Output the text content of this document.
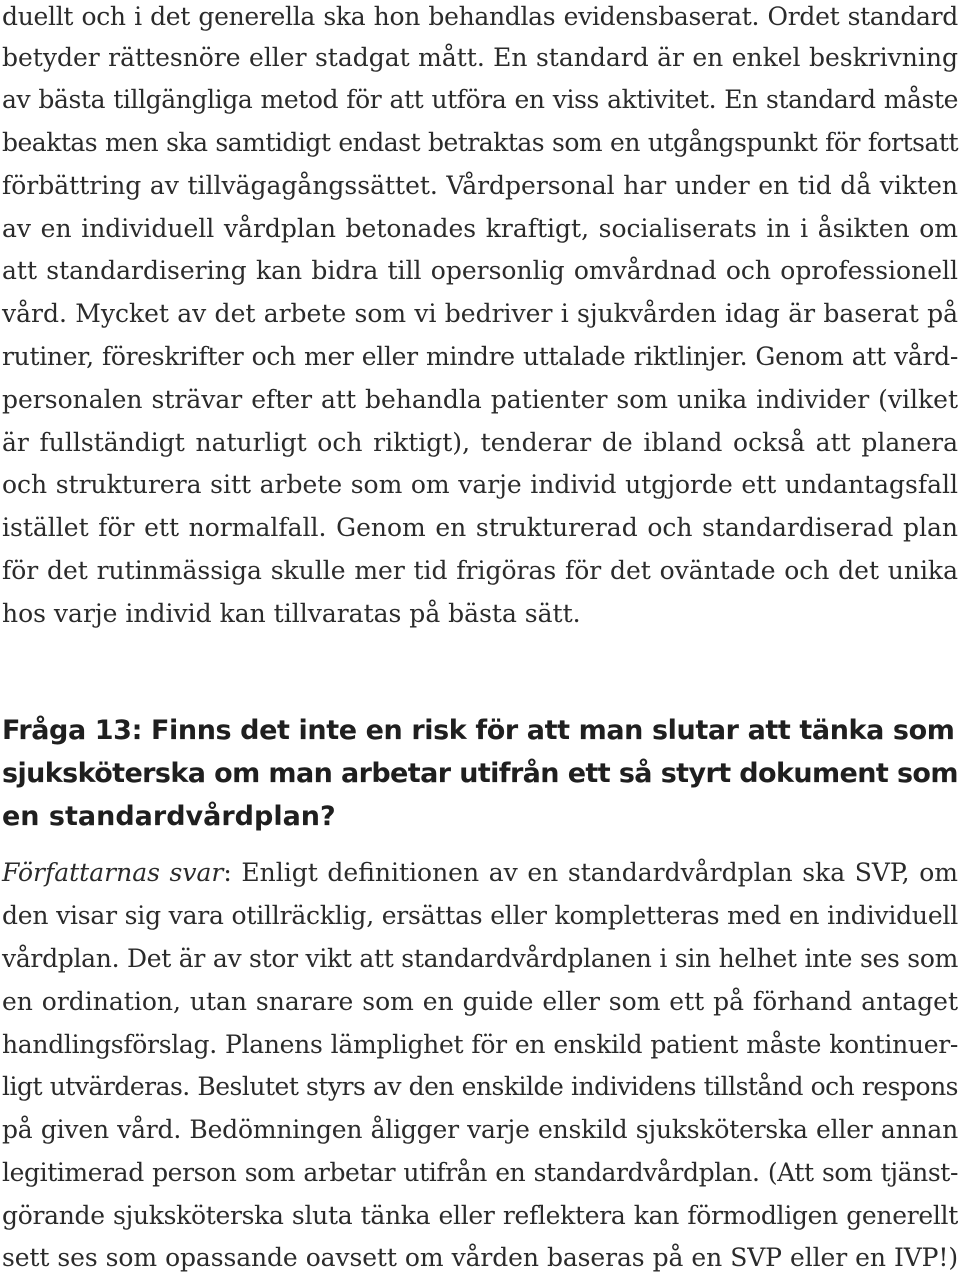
duellt och i det generella ska hon behandlas evidensbaserat. Ordet standard
betyder rättesnöre eller stadgat mått. En standard är en enkel beskrivning
av bästa tillgängliga metod för att utföra en viss aktivitet. En standard måste
beaktas men ska samtidigt endast betraktas som en utgångspunkt för fortsatt
förbättring av tillvägagångssättet. Vårdpersonal har under en tid då vikten
av en individuell vårdplan betonades kraftigt, socialiserats in i åsikten om
att standardisering kan bidra till opersonlig omvårdnad och oprofessionell
vård. Mycket av det arbete som vi bedriver i sjukvården idag är baserat på
rutiner, föreskrifter och mer eller mindre uttalade riktlinjer. Genom att vård-
personalen strävar efter att behandla patienter som unika individer (vilket
är fullständigt naturligt och riktigt), tenderar de ibland också att planera
och strukturera sitt arbete som om varje individ utgjorde ett undantagsfall
istället för ett normalfall. Genom en strukturerad och standardiserad plan
för det rutinmässiga skulle mer tid frigöras för det oväntade och det unika
hos varje individ kan tillvaratas på bästa sätt.
Fråga 13: Finns det inte en risk för att man slutar att tänka som
sjuksköterska om man arbetar utifrån ett så styrt dokument som
en standardvårdplan?
Författarnas svar: Enligt definitionen av en standardvårdplan ska SVP, om
den visar sig vara otillräcklig, ersättas eller kompletteras med en individuell
vårdplan. Det är av stor vikt att standardvårdplanen i sin helhet inte ses som
en ordination, utan snarare som en guide eller som ett på förhand antaget
handlingsförslag. Planens lämplighet för en enskild patient måste kontinuer-
ligt utvärderas. Beslutet styrs av den enskilde individens tillstånd och respons
på given vård. Bedömningen åligger varje enskild sjuksköterska eller annan
legitimerad person som arbetar utifrån en standardvårdplan. (Att som tjänst-
görande sjuksköterska sluta tänka eller reflektera kan förmodligen generellt
sett ses som opassande oavsett om vården baseras på en SVP eller en IVP!)
